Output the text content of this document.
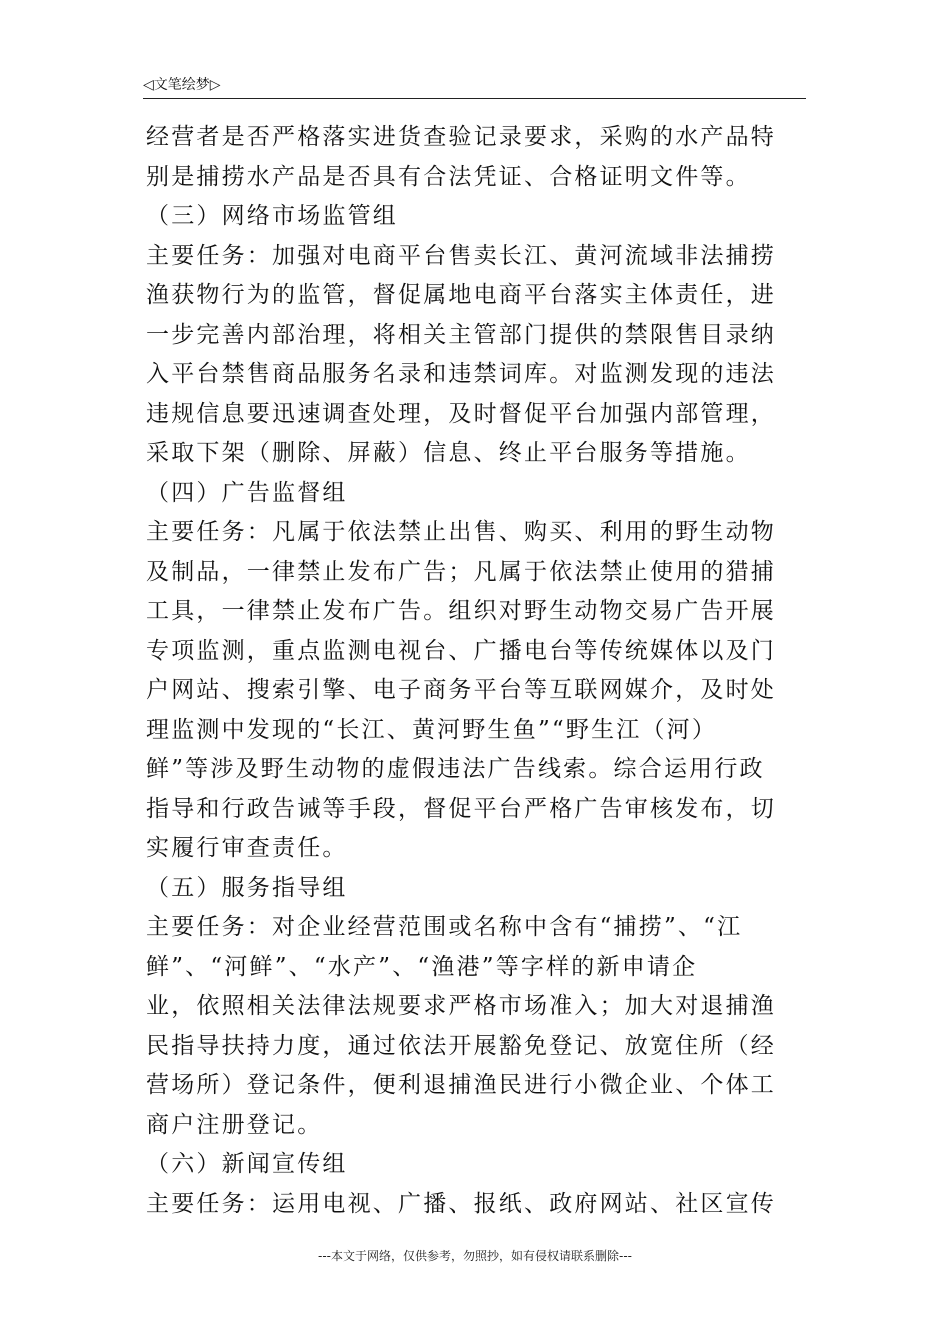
◁文笔绘梦▷
经营者是否严格落实进货查验记录要求，采购的水产品特
别是捕捞水产品是否具有合法凭证、合格证明文件等。
（三）网络市场监管组
主要任务：加强对电商平台售卖长江、黄河流域非法捕捞
渔获物行为的监管，督促属地电商平台落实主体责任，进
一步完善内部治理，将相关主管部门提供的禁限售目录纳
入平台禁售商品服务名录和违禁词库。对监测发现的违法
违规信息要迅速调查处理，及时督促平台加强内部管理，
采取下架（删除、屏蔽）信息、终止平台服务等措施。
（四）广告监督组
主要任务：凡属于依法禁止出售、购买、利用的野生动物
及制品，一律禁止发布广告；凡属于依法禁止使用的猎捕
工具，一律禁止发布广告。组织对野生动物交易广告开展
专项监测，重点监测电视台、广播电台等传统媒体以及门
户网站、搜索引擎、电子商务平台等互联网媒介，及时处
理监测中发现的“长江、黄河野生鱼”“野生江（河）
鲜”等涉及野生动物的虚假违法广告线索。综合运用行政
指导和行政告诫等手段，督促平台严格广告审核发布，切
实履行审查责任。
（五）服务指导组
主要任务：对企业经营范围或名称中含有“捕捞”、“江
鲜”、“河鲜”、“水产”、“渔港”等字样的新申请企
业，依照相关法律法规要求严格市场准入；加大对退捕渔
民指导扶持力度，通过依法开展豁免登记、放宽住所（经
营场所）登记条件，便利退捕渔民进行小微企业、个体工
商户注册登记。
（六）新闻宣传组
主要任务：运用电视、广播、报纸、政府网站、社区宣传
---本文于网络，仅供参考，勿照抄，如有侵权请联系删除---
